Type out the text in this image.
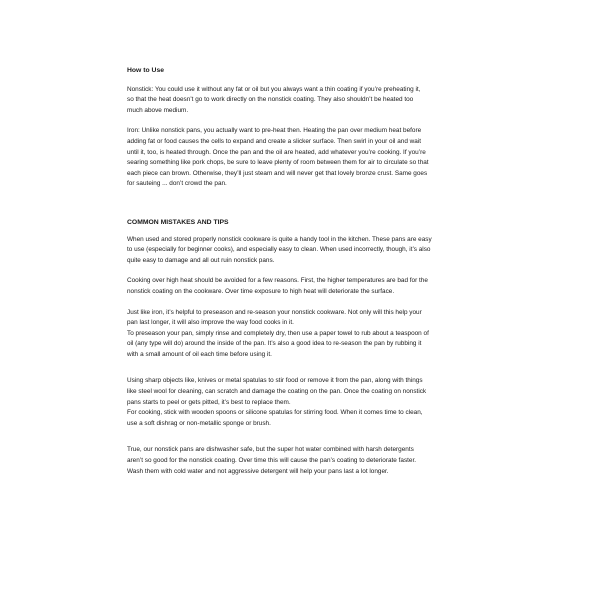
How to Use
Nonstick: You could use it without any fat or oil but you always want a thin coating if you’re preheating it,
so that the heat doesn’t go to work directly on the nonstick coating. They also shouldn’t be heated too
much above medium.
Iron: Unlike nonstick pans, you actually want to pre-heat then. Heating the pan over medium heat before
adding fat or food causes the cells to expand and create a slicker surface. Then swirl in your oil and wait
until it, too, is heated through. Once the pan and the oil are heated, add whatever you’re cooking. If you’re
searing something like pork chops, be sure to leave plenty of room between them for air to circulate so that
each piece can brown. Otherwise, they’ll just steam and will never get that lovely bronze crust. Same goes
for sauteing ... don’t crowd the pan.
COMMON MISTAKES AND TIPS
When used and stored properly nonstick cookware is quite a handy tool in the kitchen. These pans are easy
to use (especially for beginner cooks), and especially easy to clean. When used incorrectly, though, it’s also
quite easy to damage and all out ruin nonstick pans.
Cooking over high heat should be avoided for a few reasons. First, the higher temperatures are bad for the
nonstick coating on the cookware. Over time exposure to high heat will deteriorate the surface.
Just like iron, it’s helpful to preseason and re-season your nonstick cookware. Not only will this help your
pan last longer, it will also improve the way food cooks in it.
To preseason your pan, simply rinse and completely dry, then use a paper towel to rub about a teaspoon of
oil (any type will do) around the inside of the pan. It’s also a good idea to re-season the pan by rubbing it
with a small amount of oil each time before using it.
Using sharp objects like, knives or metal spatulas to stir food or remove it from the pan, along with things
like steel wool for cleaning, can scratch and damage the coating on the pan. Once the coating on nonstick
pans starts to peel or gets pitted, it’s best to replace them.
For cooking, stick with wooden spoons or silicone spatulas for stirring food. When it comes time to clean,
use a soft dishrag or non-metallic sponge or brush.
True, our nonstick pans are dishwasher safe, but the super hot water combined with harsh detergents
aren’t so good for the nonstick coating. Over time this will cause the pan’s coating to deteriorate faster.
Wash them with cold water and not aggressive detergent will help your pans last a lot longer.
